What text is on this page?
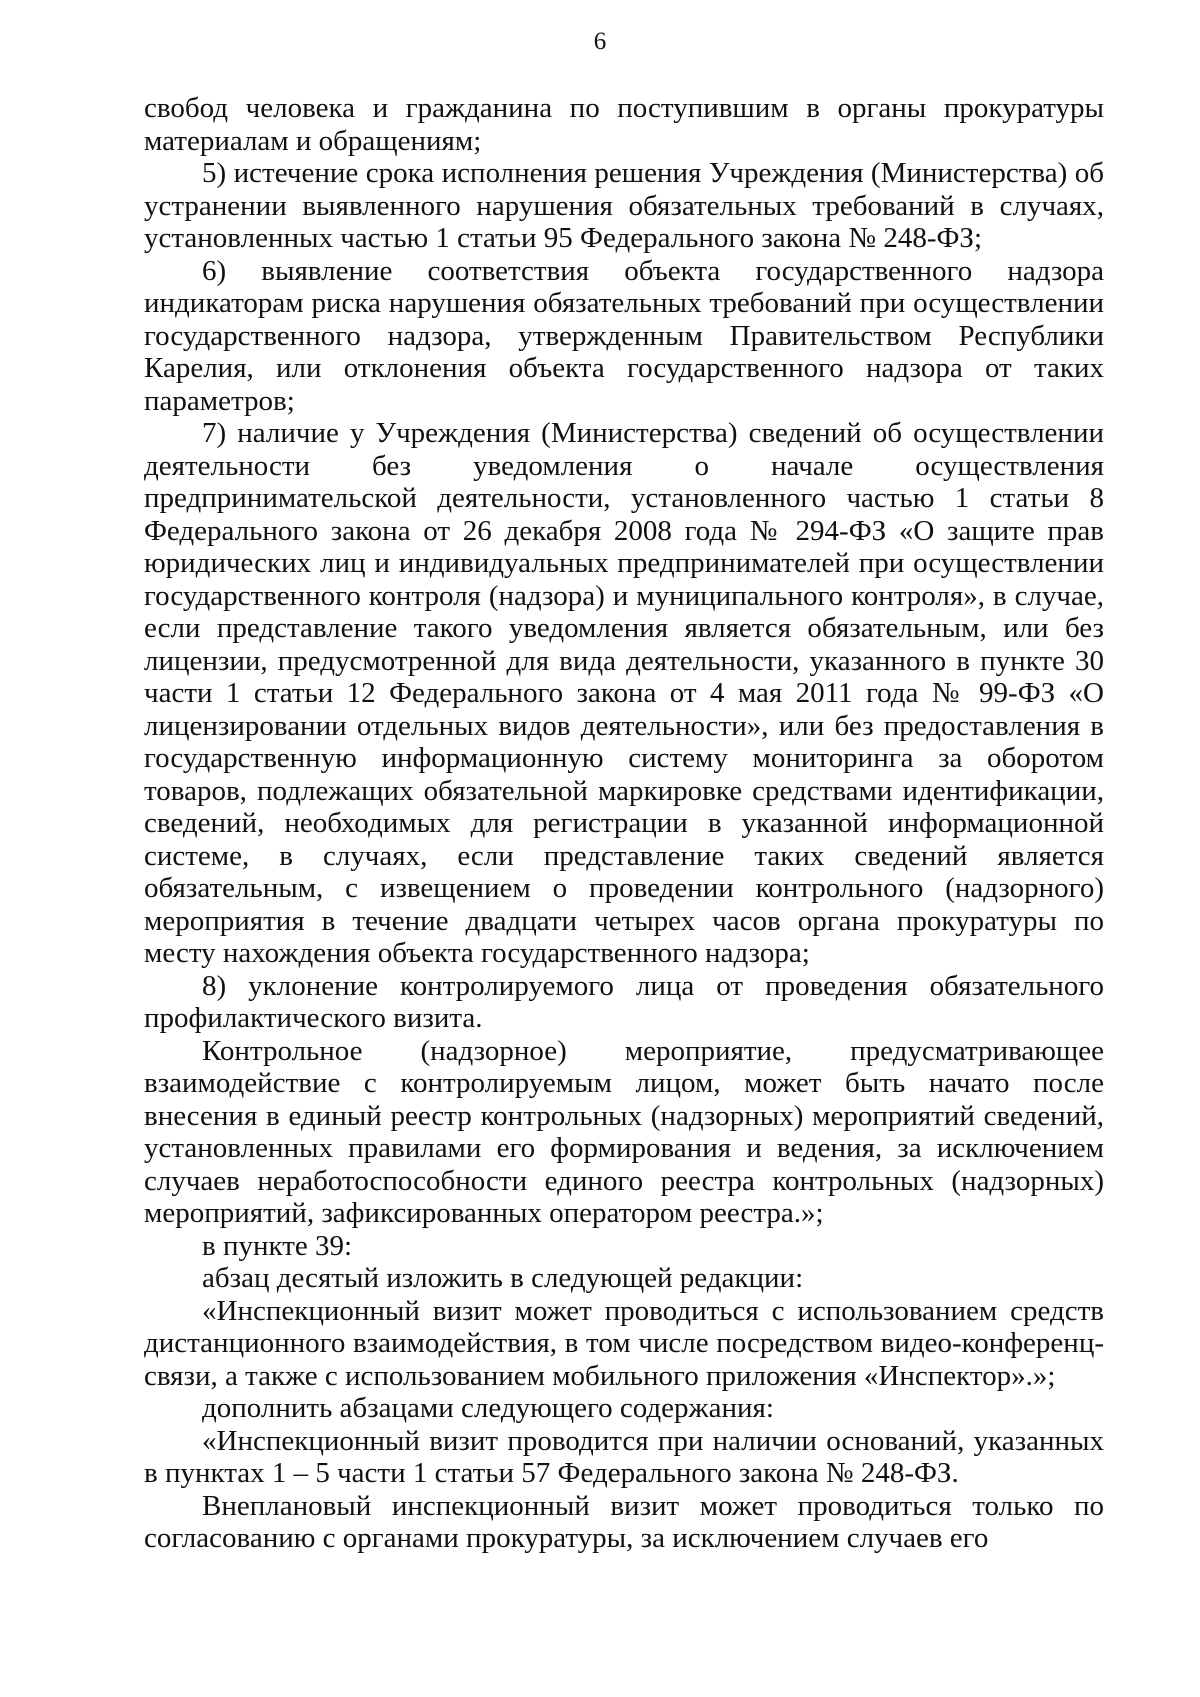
6

свобод человека и гражданина по поступившим в органы прокуратуры материалам и обращениям;

5) истечение срока исполнения решения Учреждения (Министерства) об устранении выявленного нарушения обязательных требований в случаях, установленных частью 1 статьи 95 Федерального закона № 248-ФЗ;

6) выявление соответствия объекта государственного надзора индикаторам риска нарушения обязательных требований при осуществлении государственного надзора, утвержденным Правительством Республики Карелия, или отклонения объекта государственного надзора от таких параметров;

7) наличие у Учреждения (Министерства) сведений об осуществлении деятельности без уведомления о начале осуществления предпринимательской деятельности, установленного частью 1 статьи 8 Федерального закона от 26 декабря 2008 года № 294-ФЗ «О защите прав юридических лиц и индивидуальных предпринимателей при осуществлении государственного контроля (надзора) и муниципального контроля», в случае, если представление такого уведомления является обязательным, или без лицензии, предусмотренной для вида деятельности, указанного в пункте 30 части 1 статьи 12 Федерального закона от 4 мая 2011 года № 99-ФЗ «О лицензировании отдельных видов деятельности», или без предоставления в государственную информационную систему мониторинга за оборотом товаров, подлежащих обязательной маркировке средствами идентификации, сведений, необходимых для регистрации в указанной информационной системе, в случаях, если представление таких сведений является обязательным, с извещением о проведении контрольного (надзорного) мероприятия в течение двадцати четырех часов органа прокуратуры по месту нахождения объекта государственного надзора;

8) уклонение контролируемого лица от проведения обязательного профилактического визита.

Контрольное (надзорное) мероприятие, предусматривающее взаимодействие с контролируемым лицом, может быть начато после внесения в единый реестр контрольных (надзорных) мероприятий сведений, установленных правилами его формирования и ведения, за исключением случаев неработоспособности единого реестра контрольных (надзорных) мероприятий, зафиксированных оператором реестра.»;

в пункте 39:

абзац десятый изложить в следующей редакции:

«Инспекционный визит может проводиться с использованием средств дистанционного взаимодействия, в том числе посредством видео-конференц-связи, а также с использованием мобильного приложения «Инспектор».»;

дополнить абзацами следующего содержания:

«Инспекционный визит проводится при наличии оснований, указанных в пунктах 1 – 5 части 1 статьи 57 Федерального закона № 248-ФЗ.

Внеплановый инспекционный визит может проводиться только по согласованию с органами прокуратуры, за исключением случаев его
